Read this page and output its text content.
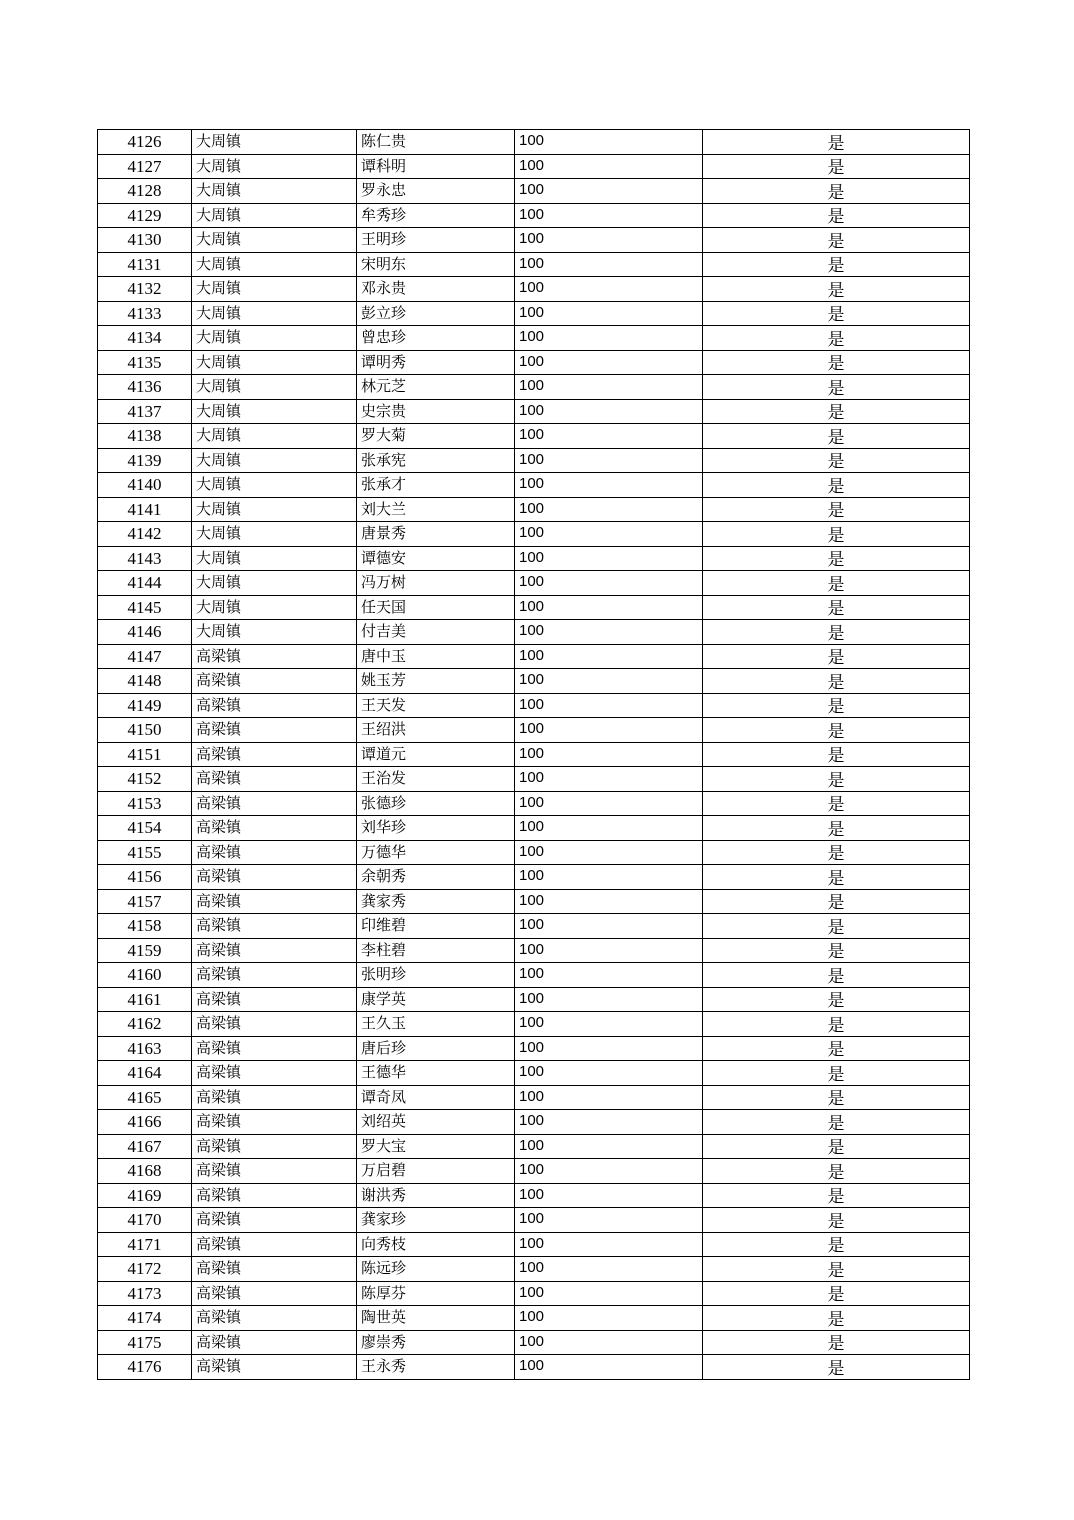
4126	大周镇	陈仁贵	100	是
4127	大周镇	谭科明	100	是
4128	大周镇	罗永忠	100	是
4129	大周镇	牟秀珍	100	是
4130	大周镇	王明珍	100	是
4131	大周镇	宋明东	100	是
4132	大周镇	邓永贵	100	是
4133	大周镇	彭立珍	100	是
4134	大周镇	曾忠珍	100	是
4135	大周镇	谭明秀	100	是
4136	大周镇	林元芝	100	是
4137	大周镇	史宗贵	100	是
4138	大周镇	罗大菊	100	是
4139	大周镇	张承宪	100	是
4140	大周镇	张承才	100	是
4141	大周镇	刘大兰	100	是
4142	大周镇	唐景秀	100	是
4143	大周镇	谭德安	100	是
4144	大周镇	冯万树	100	是
4145	大周镇	任天国	100	是
4146	大周镇	付吉美	100	是
4147	高梁镇	唐中玉	100	是
4148	高梁镇	姚玉芳	100	是
4149	高梁镇	王天发	100	是
4150	高梁镇	王绍洪	100	是
4151	高梁镇	谭道元	100	是
4152	高梁镇	王治发	100	是
4153	高梁镇	张德珍	100	是
4154	高梁镇	刘华珍	100	是
4155	高梁镇	万德华	100	是
4156	高梁镇	余朝秀	100	是
4157	高梁镇	龚家秀	100	是
4158	高梁镇	印维碧	100	是
4159	高梁镇	李柱碧	100	是
4160	高梁镇	张明珍	100	是
4161	高梁镇	康学英	100	是
4162	高梁镇	王久玉	100	是
4163	高梁镇	唐后珍	100	是
4164	高梁镇	王德华	100	是
4165	高梁镇	谭奇凤	100	是
4166	高梁镇	刘绍英	100	是
4167	高梁镇	罗大宝	100	是
4168	高梁镇	万启碧	100	是
4169	高梁镇	谢洪秀	100	是
4170	高梁镇	龚家珍	100	是
4171	高梁镇	向秀枝	100	是
4172	高梁镇	陈远珍	100	是
4173	高梁镇	陈厚芬	100	是
4174	高梁镇	陶世英	100	是
4175	高梁镇	廖崇秀	100	是
4176	高梁镇	王永秀	100	是
